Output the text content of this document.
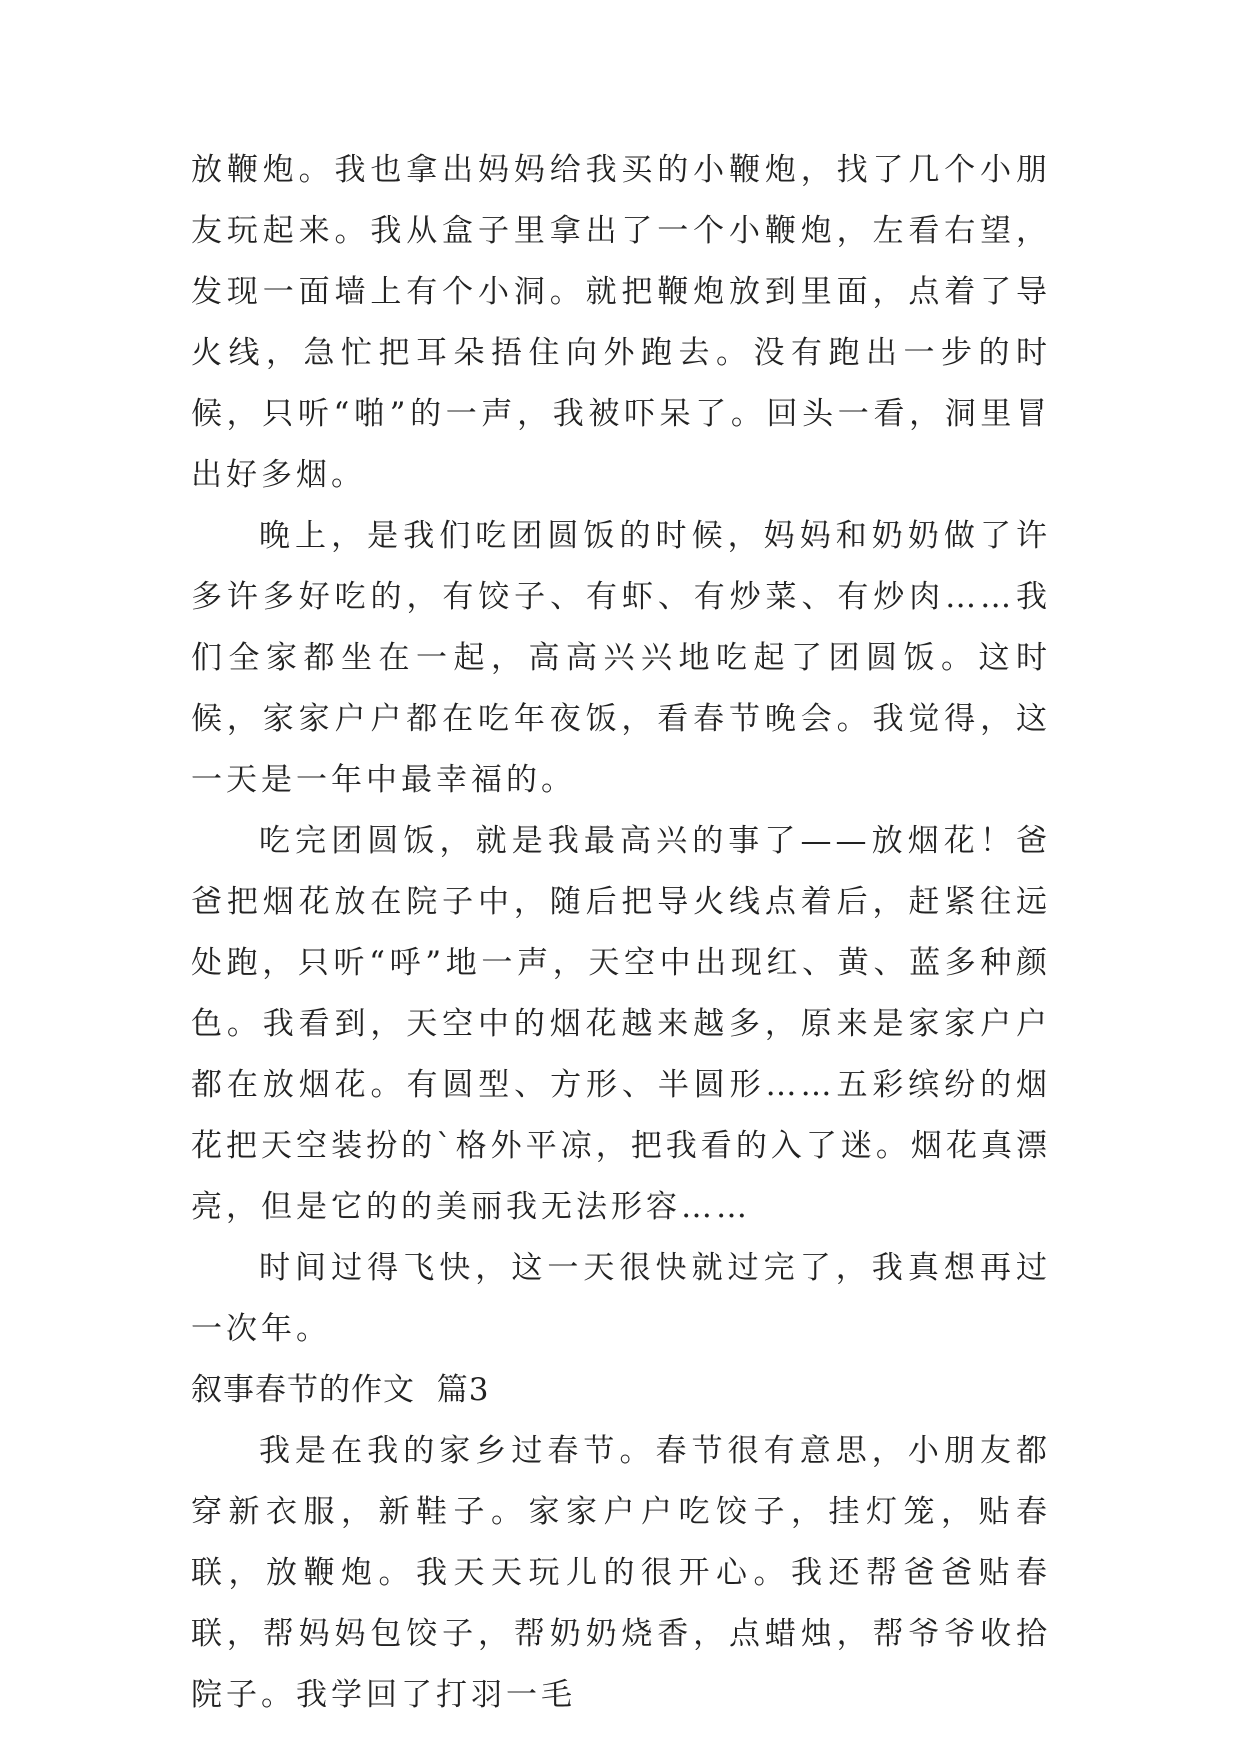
放鞭炮。我也拿出妈妈给我买的小鞭炮，找了几个小朋友玩起来。我从盒子里拿出了一个小鞭炮，左看右望，发现一面墙上有个小洞。就把鞭炮放到里面，点着了导火线，急忙把耳朵捂住向外跑去。没有跑出一步的时候，只听“啪”的一声，我被吓呆了。回头一看，洞里冒出好多烟。

晚上，是我们吃团圆饭的时候，妈妈和奶奶做了许多许多好吃的，有饺子、有虾、有炒菜、有炒肉……我们全家都坐在一起，高高兴兴地吃起了团圆饭。这时候，家家户户都在吃年夜饭，看春节晚会。我觉得，这一天是一年中最幸福的。

吃完团圆饭，就是我最高兴的事了——放烟花！爸爸把烟花放在院子中，随后把导火线点着后，赶紧往远处跑，只听“呼”地一声，天空中出现红、黄、蓝多种颜色。我看到，天空中的烟花越来越多，原来是家家户户都在放烟花。有圆型、方形、半圆形……五彩缤纷的烟花把天空装扮的`格外平凉，把我看的入了迷。烟花真漂亮，但是它的的美丽我无法形容……

时间过得飞快，这一天很快就过完了，我真想再过一次年。

叙事春节的作文  篇3

我是在我的家乡过春节。春节很有意思，小朋友都穿新衣服，新鞋子。家家户户吃饺子，挂灯笼，贴春联，放鞭炮。我天天玩儿的很开心。我还帮爸爸贴春联，帮妈妈包饺子，帮奶奶烧香，点蜡烛，帮爷爷收拾院子。我学回了打羽一毛
